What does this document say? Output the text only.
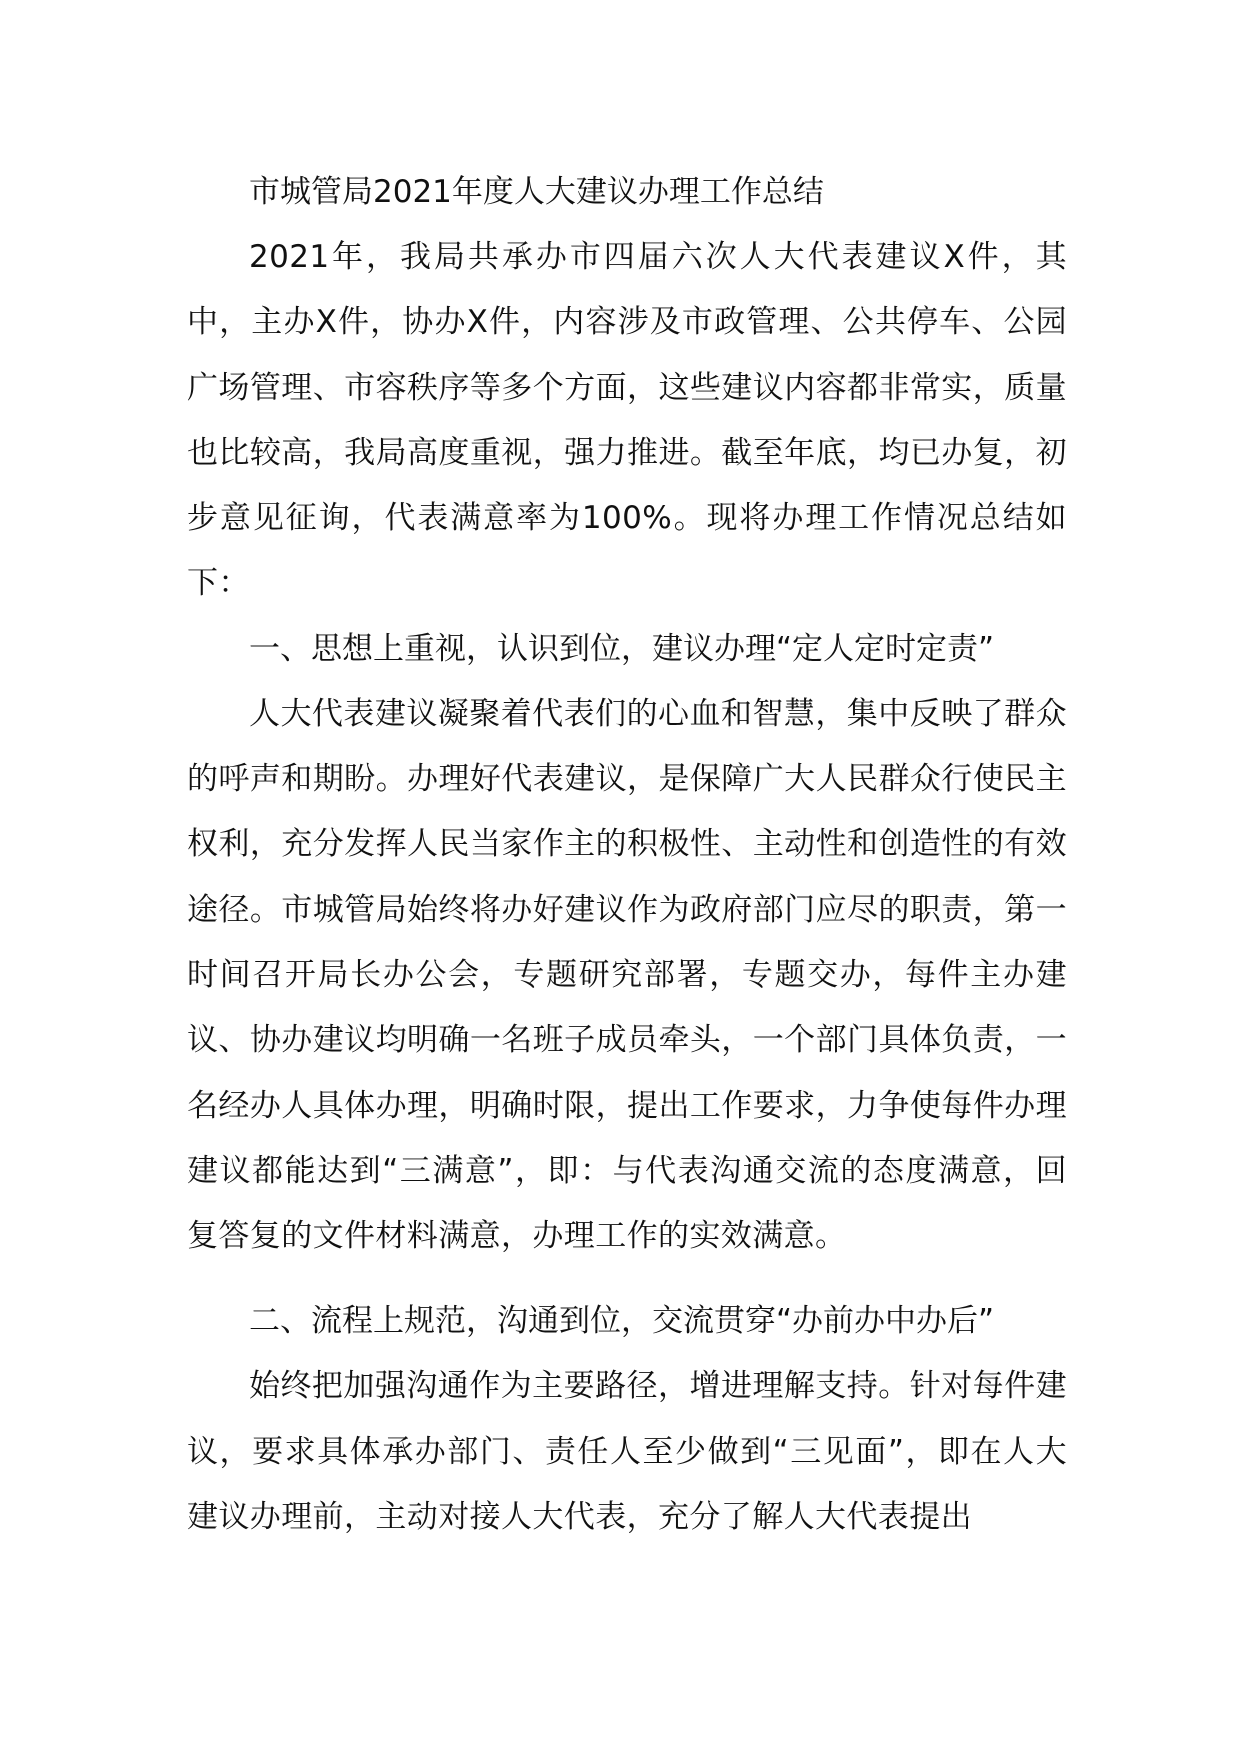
市城管局2021年度人大建议办理工作总结

2021年，我局共承办市四届六次人大代表建议X件，其中，主办X件，协办X件，内容涉及市政管理、公共停车、公园广场管理、市容秩序等多个方面，这些建议内容都非常实，质量也比较高，我局高度重视，强力推进。截至年底，均已办复，初步意见征询，代表满意率为100%。现将办理工作情况总结如下：

一、思想上重视，认识到位，建议办理“定人定时定责”

人大代表建议凝聚着代表们的心血和智慧，集中反映了群众的呼声和期盼。办理好代表建议，是保障广大人民群众行使民主权利，充分发挥人民当家作主的积极性、主动性和创造性的有效途径。市城管局始终将办好建议作为政府部门应尽的职责，第一时间召开局长办公会，专题研究部署，专题交办，每件主办建议、协办建议均明确一名班子成员牵头，一个部门具体负责，一名经办人具体办理，明确时限，提出工作要求，力争使每件办理建议都能达到“三满意”，即：与代表沟通交流的态度满意，回复答复的文件材料满意，办理工作的实效满意。

二、流程上规范，沟通到位，交流贯穿“办前办中办后”

始终把加强沟通作为主要路径，增进理解支持。针对每件建议，要求具体承办部门、责任人至少做到“三见面”，即在人大建议办理前，主动对接人大代表，充分了解人大代表提出
